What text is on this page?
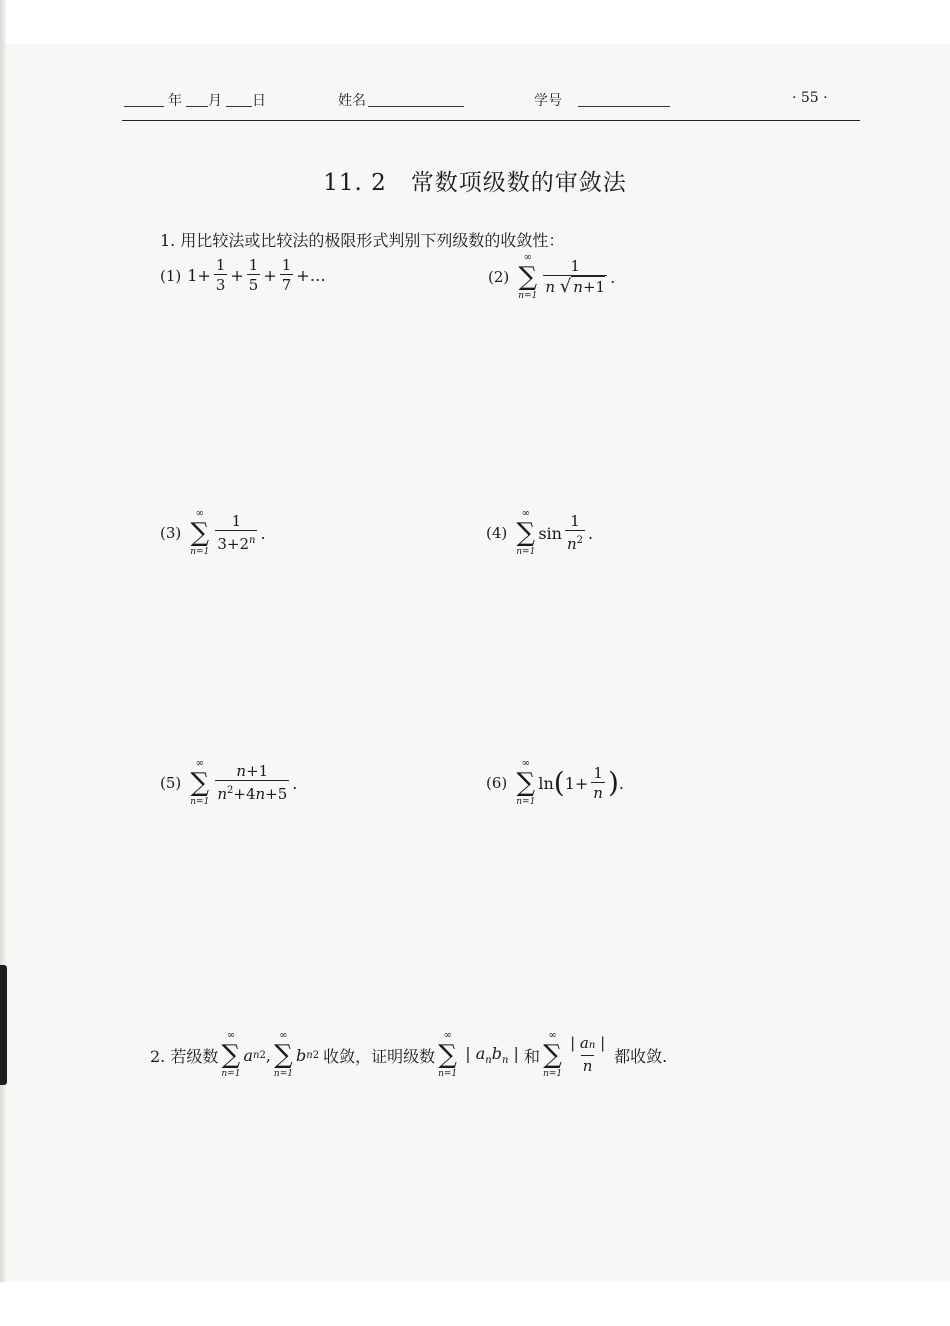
年 月 日	姓名	学号	· 55 ·
11. 2　常数项级数的审敛法
1. 用比较法或比较法的极限形式判别下列级数的收敛性：
(1) $1+ \frac{1}{3} + \frac{1}{5} + \frac{1}{7}$ +…	(2)
∞
∑
$n=1 \frac{1}{n √ n+1}$ .
(3)
∞
∑
$n=1 \frac{1}{3+2^n}$ .	(4)
∞
∑
n=1
$\sin \frac{1}{n^2}$ .
(5)
∞
∑
$n=1 \frac{n+1}{n^2+4n+5}$ .	(6)
∞
∑
n=1
ln ( $1+ \frac{1}{n}$ ) .
2. 若级数
∞
∑
n=1
a n 2 ,
∞
∑
n=1
b n 2 收敛，证明级数
∞
∑
n=1
| $a_nb_n$ | 和
∞
∑
$n=1 \frac{| an |}{n}$ 都收敛.
